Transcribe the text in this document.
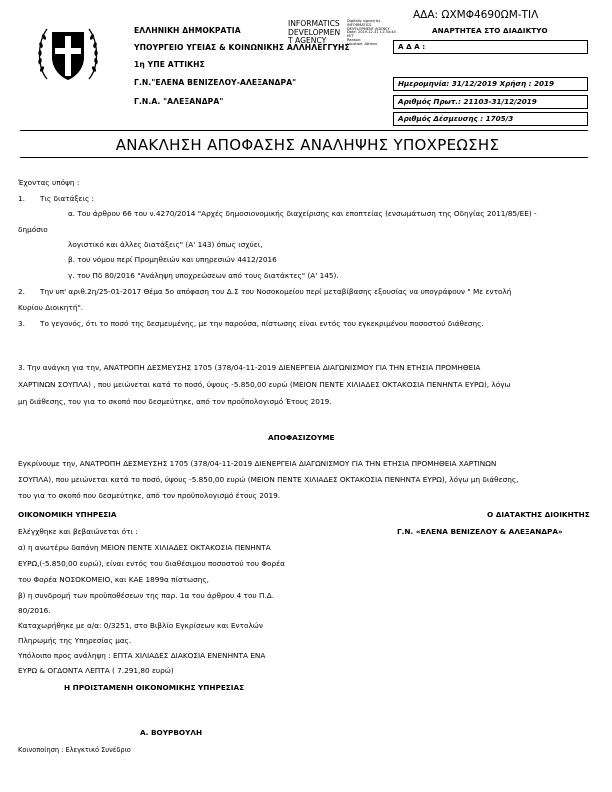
ΑΔΑ: ΩΧΜΦ4690ΩΜ-ΤΙΛ
ΕΛΛΗΝΙΚΗ ΔΗΜΟΚΡΑΤΙΑ
ΥΠΟΥΡΓΕΙΟ ΥΓΕΙΑΣ & ΚΟΙΝΩΝΙΚΗΣ ΑΛΛΗΛΕΓΓΥΗΣ
1η ΥΠΕ ΑΤΤΙΚΗΣ
Γ.Ν."ΕΛΕΝΑ ΒΕΝΙΖΕΛΟΥ-ΑΛΕΞΑΝΔΡΑ"
Γ.Ν.Α. "ΑΛΕΞΑΝΔΡΑ"
INFORMATICS
DEVELOPMEN
T AGENCY
Digitally signed by
INFORMATICS
DEVELOPMENT AGENCY
Date: 2019.12.31 11:34:44
EET
Reason:
Location: Athens
ΑΝΑΡΤΗΤΕΑ ΣΤΟ ΔΙΑΔΙΚΤΥΟ
Α Δ Α :
Ημερομηνία: 31/12/2019 Χρήση : 2019
Αριθμός Πρωτ.: 21103-31/12/2019
Αριθμός Δέσμευσης : 1705/3
ΑΝΑΚΛΗΣΗ ΑΠΟΦΑΣΗΣ ΑΝΑΛΗΨΗΣ ΥΠΟΧΡΕΩΣΗΣ
Έχοντας υπόψη :
1. Τις διατάξεις :
α. Του άρθρου 66 του ν.4270/2014 "Αρχές δημοσιονομικής διαχείρισης και εποπτείας (ενσωμάτωση της Οδηγίας 2011/85/ΕΕ) -
δημόσιο
λογιστικό και άλλες διατάξεις" (Α' 143) όπως ισχύει,
β. του νόμου περί Προμηθειών και υπηρεσιών 4412/2016
γ. του Πδ 80/2016 "Ανάληψη υποχρεώσεων από τους διατάκτες" (Α' 145).
2. Την υπ' αριθ.2η/25-01-2017 Θέμα 5ο απόφαση του Δ.Σ του Νοσοκομείου περί μεταβίβασης εξουσίας να υπογράφουν " Με εντολή
Κυρίου Διοικητή".
3. Το γεγονός, ότι το ποσό της δεσμευμένης, με την παρούσα, πίστωσης είναι εντός του εγκεκριμένου ποσοστού διάθεσης.
3. Την ανάγκη για την, ΑΝΑΤΡΟΠΗ ΔΕΣΜΕΥΣΗΣ 1705 (378/04-11-2019 ΔΙΕΝΕΡΓΕΙΑ ΔΙΑΓΩΝΙΣΜΟΥ ΓΙΑ ΤΗΝ ΕΤΗΣΙΑ ΠΡΟΜΗΘΕΙΑ
ΧΑΡΤΙΝΩΝ ΣΟΥΠΛΑ) , που μειώνεται κατά το ποσό, ύψους -5.850,00 ευρώ (ΜΕΙΟΝ ΠΕΝΤΕ ΧΙΛΙΑΔΕΣ ΟΚΤΑΚΟΣΙΑ ΠΕΝΗΝΤΑ ΕΥΡΩ), λόγω
μη διάθεσης, του για το σκοπό που δεσμεύτηκε, από τον προϋπολογισμό Έτους 2019.
ΑΠΟΦΑΣΙΖΟΥΜΕ
Εγκρίνουμε την, ΑΝΑΤΡΟΠΗ ΔΕΣΜΕΥΣΗΣ 1705 (378/04-11-2019 ΔΙΕΝΕΡΓΕΙΑ ΔΙΑΓΩΝΙΣΜΟΥ ΓΙΑ ΤΗΝ ΕΤΗΣΙΑ ΠΡΟΜΗΘΕΙΑ ΧΑΡΤΙΝΩΝ
ΣΟΥΠΛΑ), που μειώνεται κατά το ποσό, ύψους -5.850,00 ευρώ (ΜΕΙΟΝ ΠΕΝΤΕ ΧΙΛΙΑΔΕΣ ΟΚΤΑΚΟΣΙΑ ΠΕΝΗΝΤΑ ΕΥΡΩ), λόγω μη διάθεσης,
του για το σκοπό που δεσμεύτηκε, από τον προϋπολογισμό έτους 2019.
ΟΙΚΟΝΟΜΙΚΗ ΥΠΗΡΕΣΙΑ
Ελέγχθηκε και βεβαιώνεται ότι :
α) η ανωτέρω δαπάνη ΜΕΙΟΝ ΠΕΝΤΕ ΧΙΛΙΑΔΕΣ ΟΚΤΑΚΟΣΙΑ ΠΕΝΗΝΤΑ
ΕΥΡΩ,(-5.850,00 ευρώ), είναι εντός του διαθέσιμου ποσοστού του Φορέα
του Φορέα ΝΟΣΟΚΟΜΕΙΟ, και ΚΑΕ 1899α πίστωσης,
β) η συνδρομή των προϋποθέσεων της παρ. 1α του άρθρου 4 του Π.Δ.
80/2016.
Καταχωρήθηκε με α/α: 0/3251, στο Βιβλίο Εγκρίσεων και Εντολών
Πληρωμής της Υπηρεσίας μας.
Υπόλοιπο προς ανάληψη : ΕΠΤΑ ΧΙΛΙΑΔΕΣ ΔΙΑΚΟΣΙΑ ΕΝΕΝΗΝΤΑ ΕΝΑ
ΕΥΡΩ & ΟΓΔΟΝΤΑ ΛΕΠΤΑ ( 7.291,80 ευρώ)
Η ΠΡΟΙΣΤΑΜΕΝΗ ΟΙΚΟΝΟΜΙΚΗΣ ΥΠΗΡΕΣΙΑΣ
Α. ΒΟΥΡΒΟΥΛΗ
Ο ΔΙΑΤΑΚΤΗΣ ΔΙΟΙΚΗΤΗΣ
Γ.Ν. «ΕΛΕΝΑ ΒΕΝΙΖΕΛΟΥ & ΑΛΕΞΑΝΔΡΑ»
Κοινοποίηση : Ελεγκτικό Συνέδριο
